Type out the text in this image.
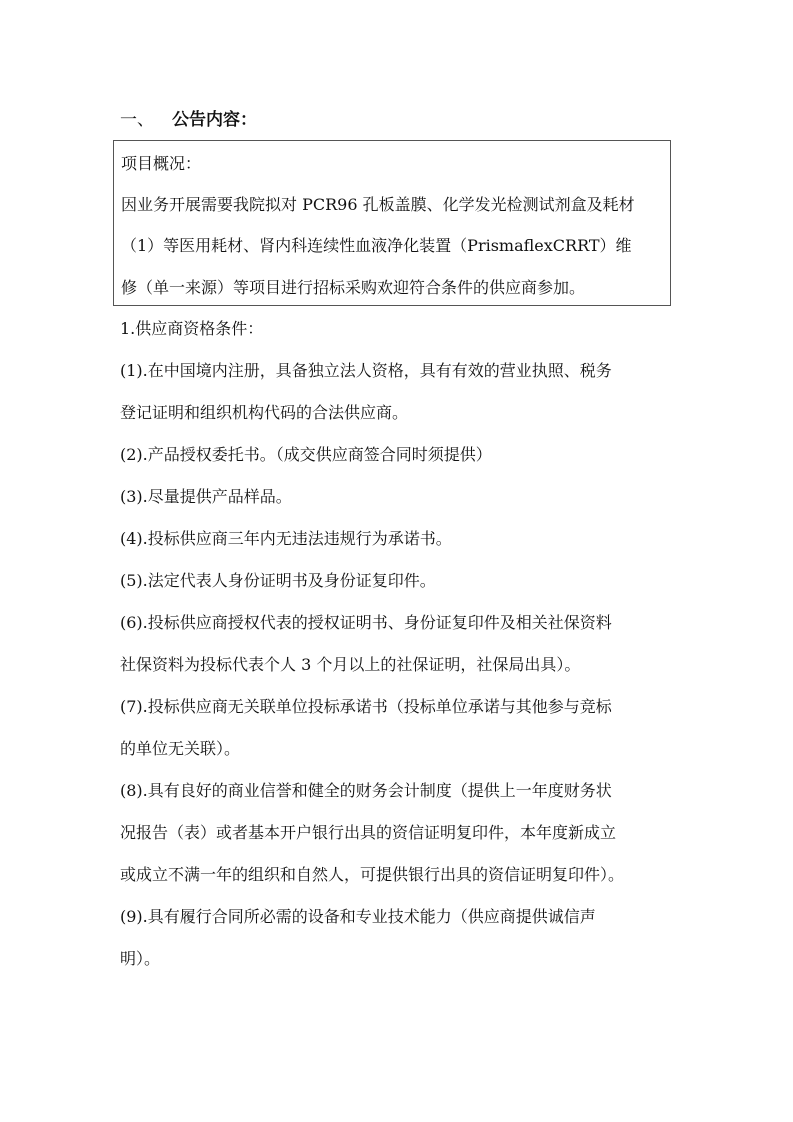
一、 公告内容：
项目概况：
因业务开展需要我院拟对 PCR96 孔板盖膜、化学发光检测试剂盒及耗材
（1）等医用耗材、肾内科连续性血液净化装置（PrismaflexCRRT）维
修（单一来源）等项目进行招标采购欢迎符合条件的供应商参加。
1.供应商资格条件：
(1).在中国境内注册，具备独立法人资格，具有有效的营业执照、税务
登记证明和组织机构代码的合法供应商。
(2).产品授权委托书。（成交供应商签合同时须提供）
(3).尽量提供产品样品。
(4).投标供应商三年内无违法违规行为承诺书。
(5).法定代表人身份证明书及身份证复印件。
(6).投标供应商授权代表的授权证明书、身份证复印件及相关社保资料
社保资料为投标代表个人 3 个月以上的社保证明，社保局出具）。
(7).投标供应商无关联单位投标承诺书（投标单位承诺与其他参与竞标
的单位无关联）。
(8).具有良好的商业信誉和健全的财务会计制度（提供上一年度财务状
况报告（表）或者基本开户银行出具的资信证明复印件，本年度新成立
或成立不满一年的组织和自然人，可提供银行出具的资信证明复印件）。
(9).具有履行合同所必需的设备和专业技术能力（供应商提供诚信声
明）。
